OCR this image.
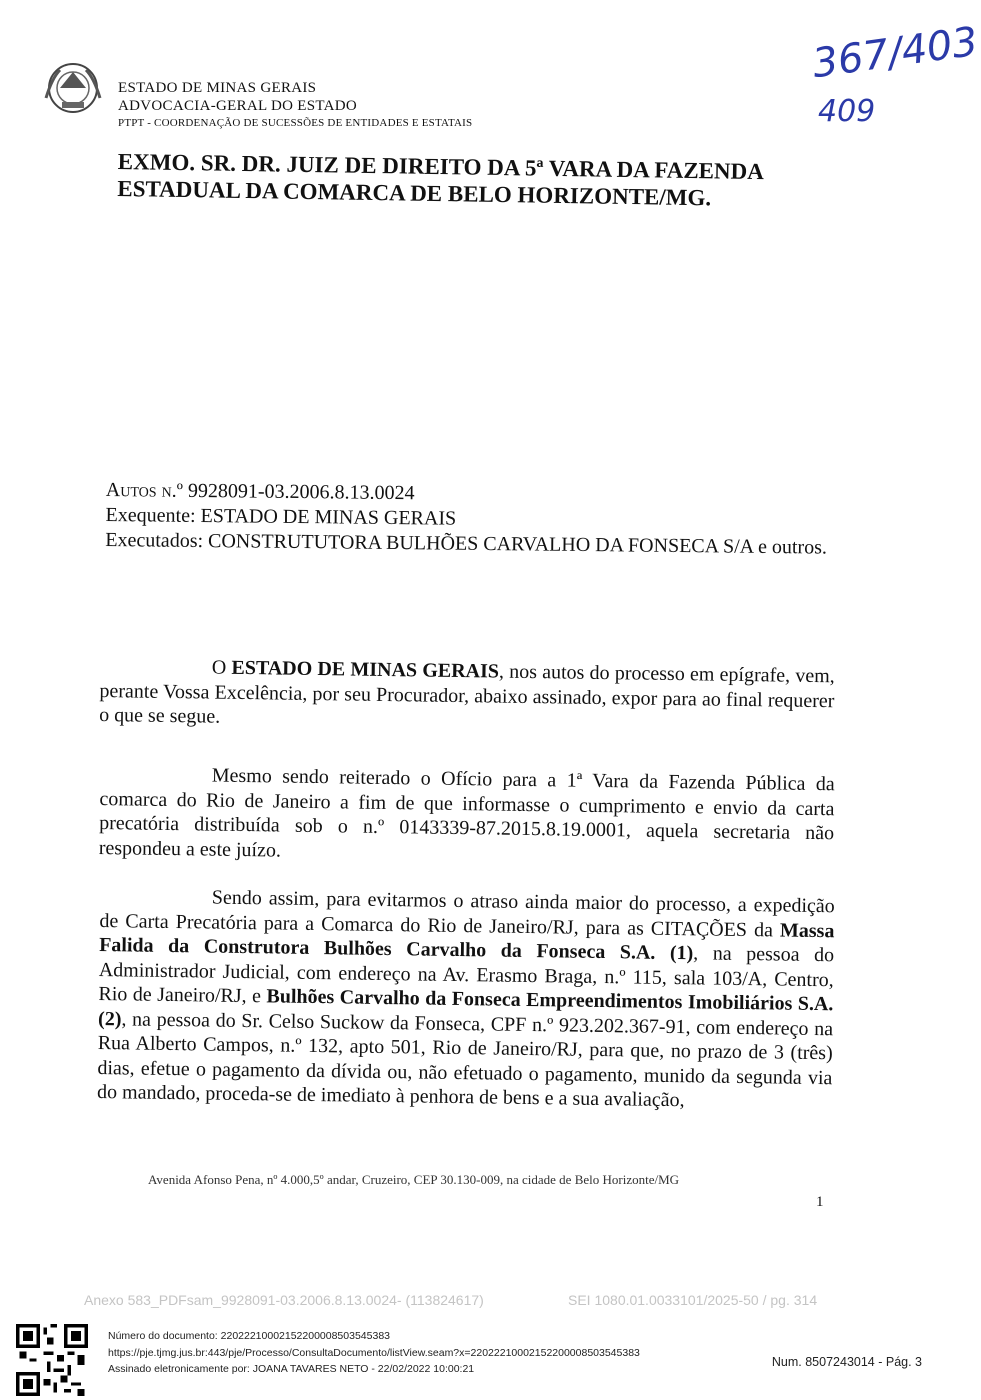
ESTADO DE MINAS GERAIS
ADVOCACIA-GERAL DO ESTADO
PTPT - COORDENAÇÃO DE SUCESSÕES DE ENTIDADES E ESTATAIS
367/403
409
EXMO. SR. DR. JUIZ DE DIREITO DA 5ª VARA DA FAZENDA ESTADUAL DA COMARCA DE BELO HORIZONTE/MG.
Autos n.º 9928091-03.2006.8.13.0024
Exequente: ESTADO DE MINAS GERAIS
Executados: CONSTRUTUTORA BULHÕES CARVALHO DA FONSECA S/A e outros.
O ESTADO DE MINAS GERAIS, nos autos do processo em epígrafe, vem, perante Vossa Excelência, por seu Procurador, abaixo assinado, expor para ao final requerer o que se segue.
Mesmo sendo reiterado o Ofício para a 1ª Vara da Fazenda Pública da comarca do Rio de Janeiro a fim de que informasse o cumprimento e envio da carta precatória distribuída sob o n.º 0143339-87.2015.8.19.0001, aquela secretaria não respondeu a este juízo.
Sendo assim, para evitarmos o atraso ainda maior do processo, a expedição de Carta Precatória para a Comarca do Rio de Janeiro/RJ, para as CITAÇÕES da Massa Falida da Construtora Bulhões Carvalho da Fonseca S.A. (1), na pessoa do Administrador Judicial, com endereço na Av. Erasmo Braga, n.º 115, sala 103/A, Centro, Rio de Janeiro/RJ, e Bulhões Carvalho da Fonseca Empreendimentos Imobiliários S.A. (2), na pessoa do Sr. Celso Suckow da Fonseca, CPF n.º 923.202.367-91, com endereço na Rua Alberto Campos, n.º 132, apto 501, Rio de Janeiro/RJ, para que, no prazo de 3 (três) dias, efetue o pagamento da dívida ou, não efetuado o pagamento, munido da segunda via do mandado, proceda-se de imediato à penhora de bens e a sua avaliação,
Avenida Afonso Pena, nº 4.000,5º andar, Cruzeiro, CEP 30.130-009, na cidade de Belo Horizonte/MG
1
Anexo 583_PDFsam_9928091-03.2006.8.13.0024- (113824617)	SEI 1080.01.0033101/2025-50 / pg. 314
Número do documento: 22022210002152200008503545383
https://pje.tjmg.jus.br:443/pje/Processo/ConsultaDocumento/listView.seam?x=22022210002152200008503545383
Assinado eletronicamente por: JOANA TAVARES NETO - 22/02/2022 10:00:21	Num. 8507243014 - Pág. 3
